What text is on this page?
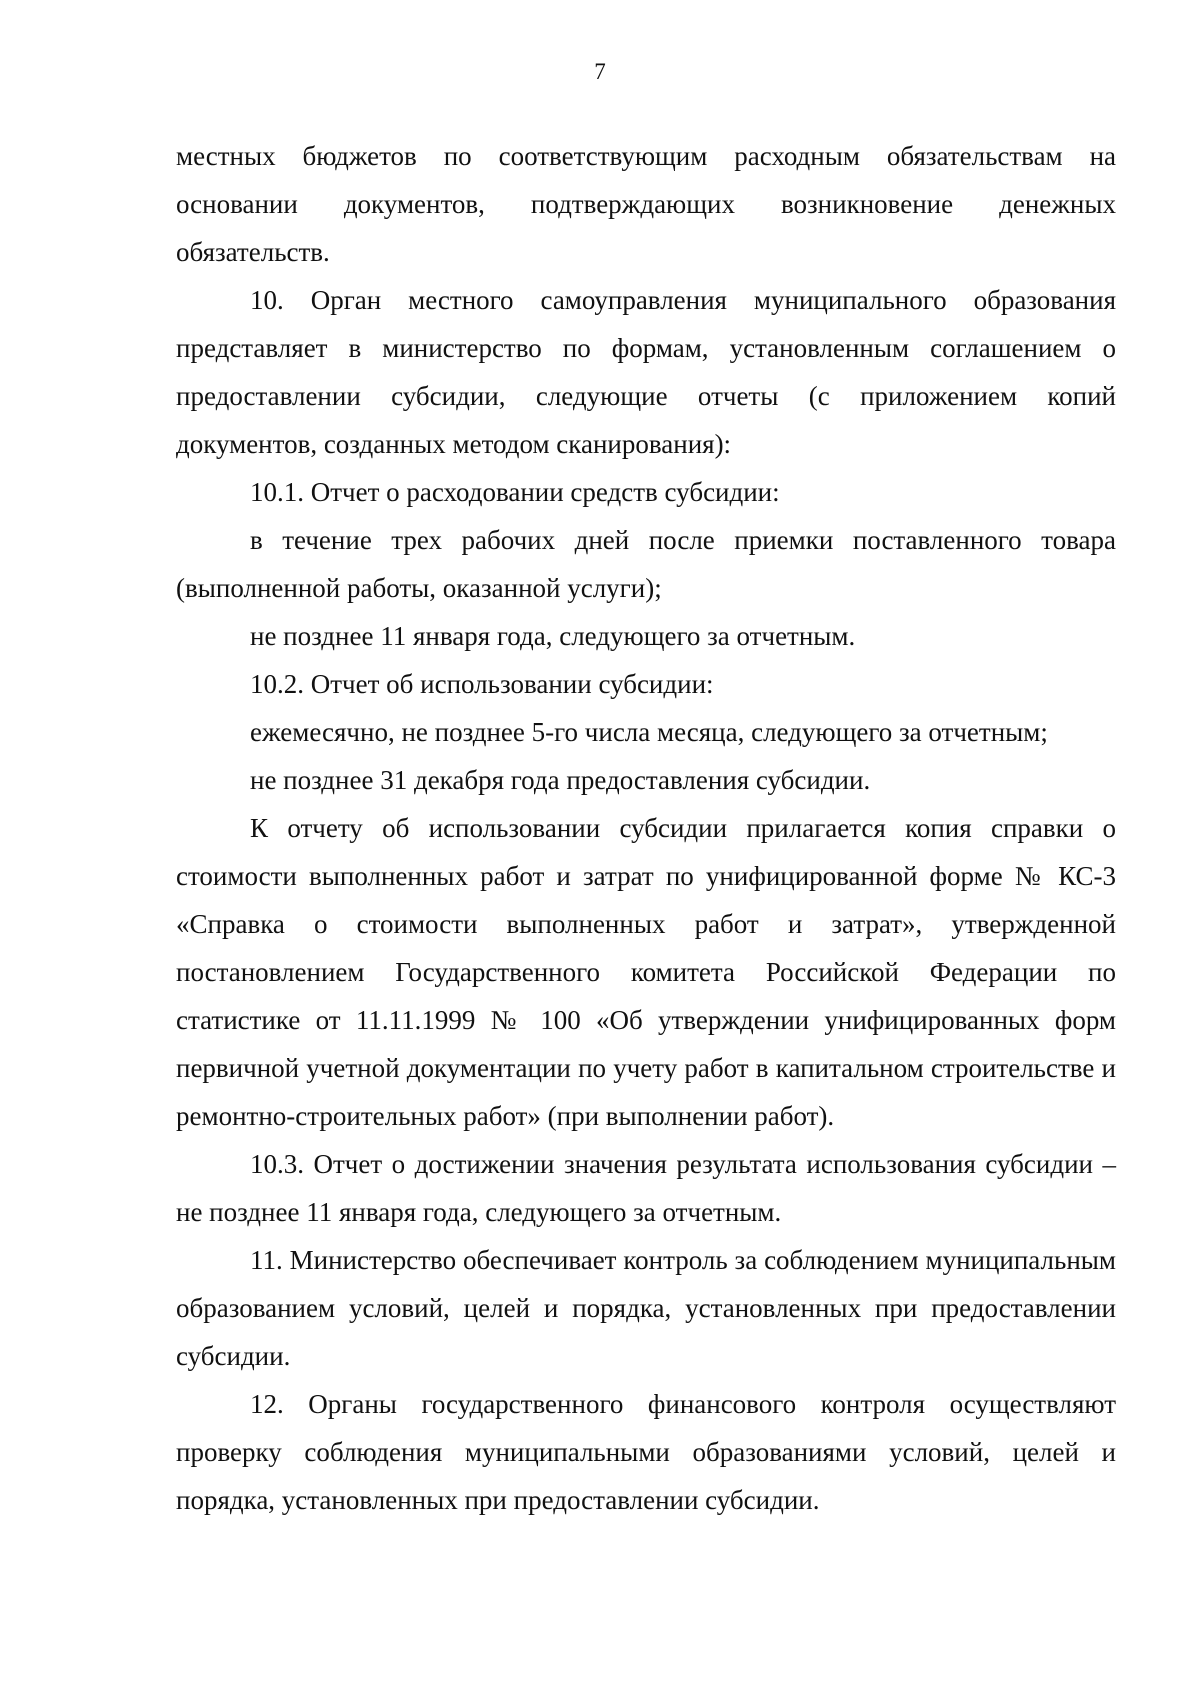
7

местных бюджетов по соответствующим расходным обязательствам на основании документов, подтверждающих возникновение денежных обязательств.

10. Орган местного самоуправления муниципального образования представляет в министерство по формам, установленным соглашением о предоставлении субсидии, следующие отчеты (с приложением копий документов, созданных методом сканирования):

10.1. Отчет о расходовании средств субсидии:

в течение трех рабочих дней после приемки поставленного товара (выполненной работы, оказанной услуги);

не позднее 11 января года, следующего за отчетным.

10.2. Отчет об использовании субсидии:

ежемесячно, не позднее 5-го числа месяца, следующего за отчетным;

не позднее 31 декабря года предоставления субсидии.

К отчету об использовании субсидии прилагается копия справки о стоимости выполненных работ и затрат по унифицированной форме № КС-3 «Справка о стоимости выполненных работ и затрат», утвержденной постановлением Государственного комитета Российской Федерации по статистике от 11.11.1999 № 100 «Об утверждении унифицированных форм первичной учетной документации по учету работ в капитальном строительстве и ремонтно-строительных работ» (при выполнении работ).

10.3. Отчет о достижении значения результата использования субсидии – не позднее 11 января года, следующего за отчетным.

11. Министерство обеспечивает контроль за соблюдением муниципальным образованием условий, целей и порядка, установленных при предоставлении субсидии.

12. Органы государственного финансового контроля осуществляют проверку соблюдения муниципальными образованиями условий, целей и порядка, установленных при предоставлении субсидии.
